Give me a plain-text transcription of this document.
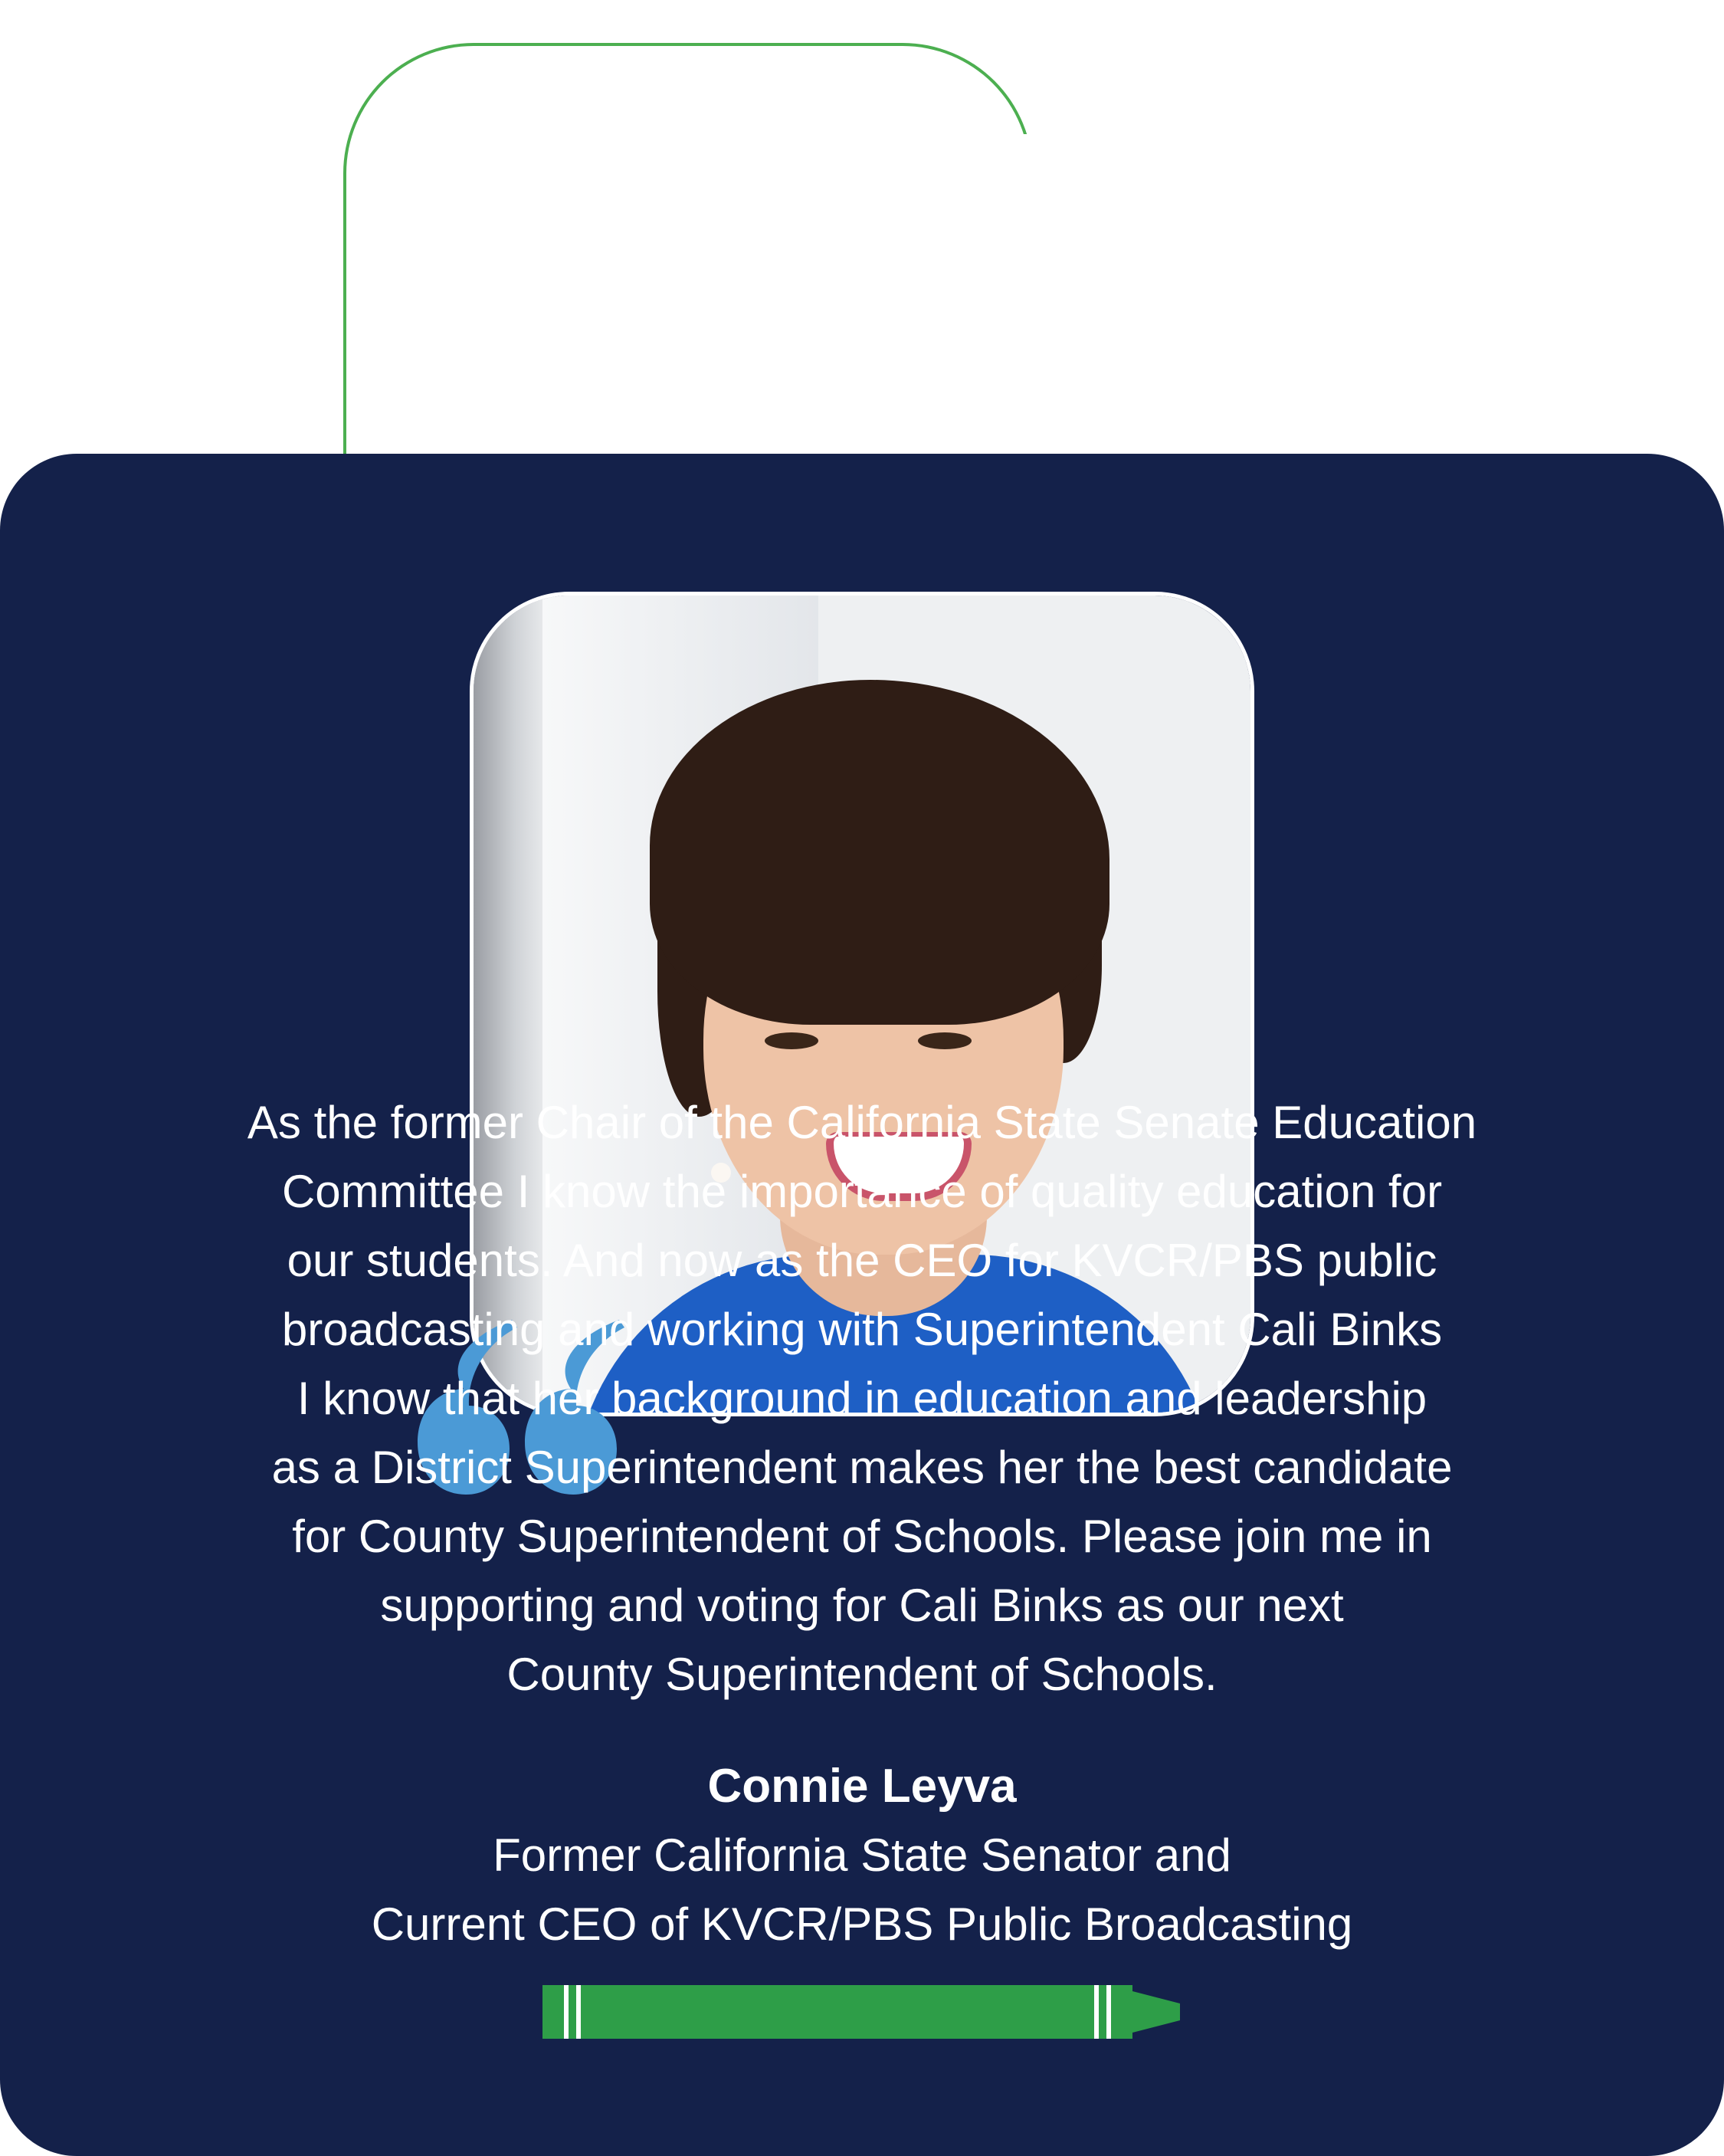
As the former Chair of the California State Senate Education

Committee I know the importance of quality education for

our students. And now as the CEO for KVCR/PBS public

broadcasting and working with Superintendent Cali Binks

I know that her background in education and leadership

as a District Superintendent makes her the best candidate

for County Superintendent of Schools. Please join me in

supporting and voting for Cali Binks as our next

County Superintendent of Schools.

Connie Leyva
Former California State Senator and
Current CEO of KVCR/PBS Public Broadcasting
